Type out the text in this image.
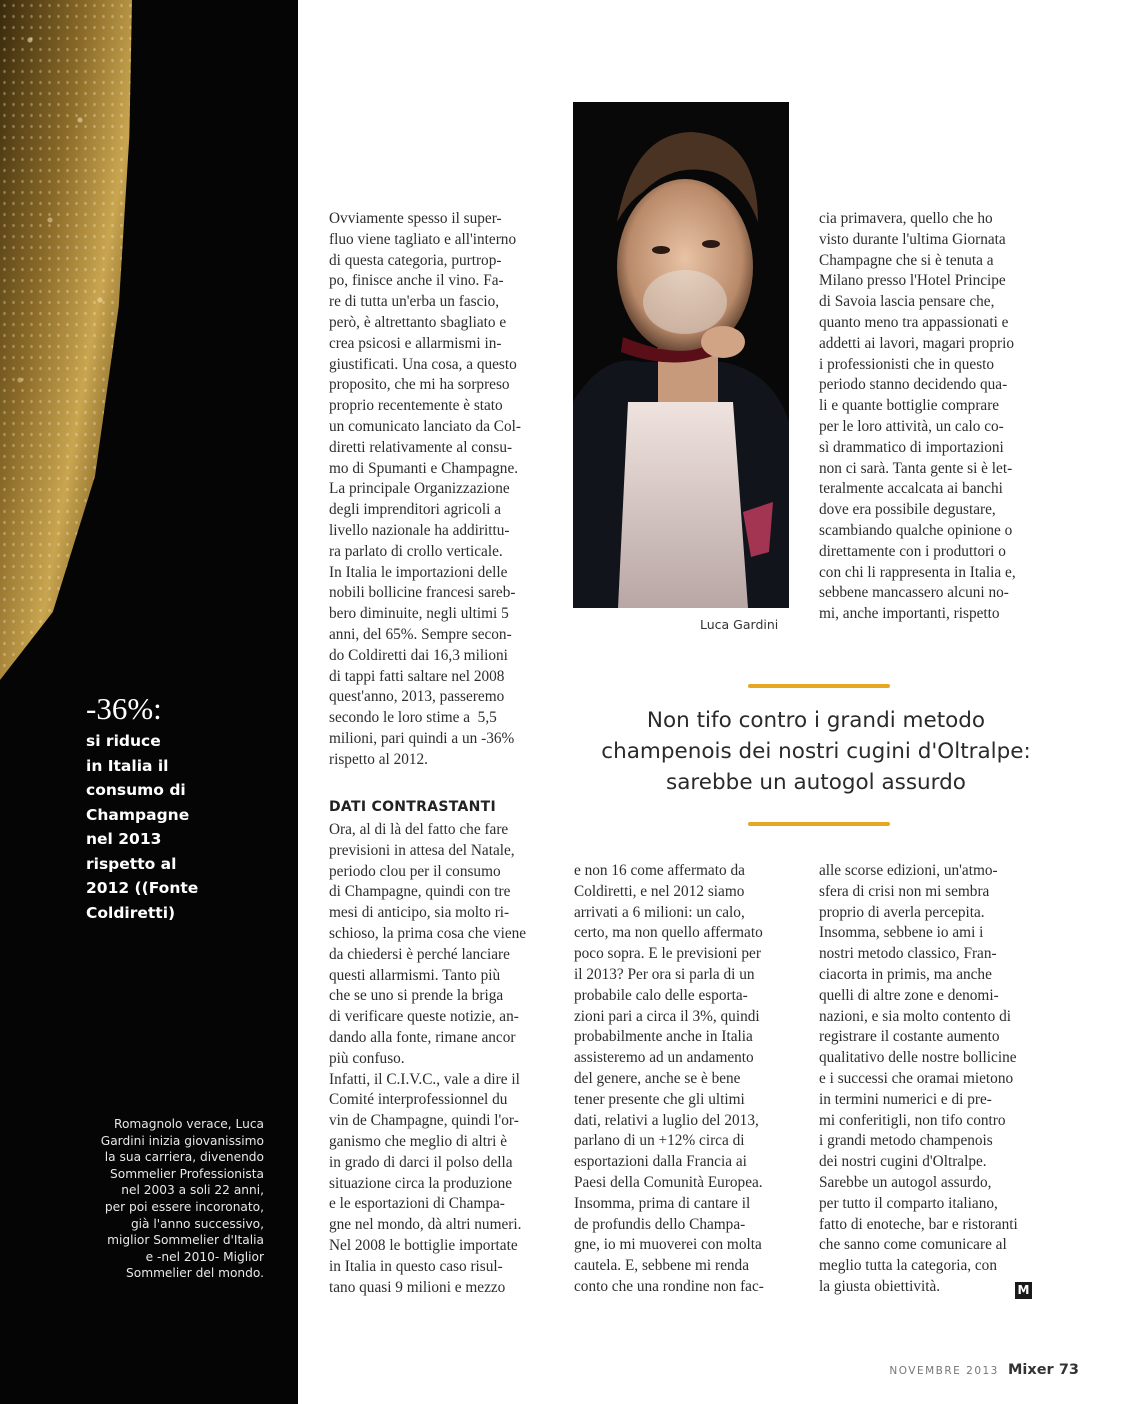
-36%:
si riduce
in Italia il
consumo di
Champagne
nel 2013
rispetto al
2012 ((Fonte
Coldiretti)
Romagnolo verace, Luca
Gardini inizia giovanissimo
la sua carriera, divenendo
Sommelier Professionista
nel 2003 a soli 22 anni,
per poi essere incoronato,
già l'anno successivo,
miglior Sommelier d'Italia
e -nel 2010- Miglior
Sommelier del mondo.
Ovviamente spesso il super-
fluo viene tagliato e all'interno
di questa categoria, purtrop-
po, finisce anche il vino. Fa-
re di tutta un'erba un fascio,
però, è altrettanto sbagliato e
crea psicosi e allarmismi in-
giustificati. Una cosa, a questo
proposito, che mi ha sorpreso
proprio recentemente è stato
un comunicato lanciato da Col-
diretti relativamente al consu-
mo di Spumanti e Champagne.
La principale Organizzazione
degli imprenditori agricoli a
livello nazionale ha addirittu-
ra parlato di crollo verticale.
In Italia le importazioni delle
nobili bollicine francesi sareb-
bero diminuite, negli ultimi 5
anni, del 65%. Sempre secon-
do Coldiretti dai 16,3 milioni
di tappi fatti saltare nel 2008
quest'anno, 2013, passeremo
secondo le loro stime a  5,5
milioni, pari quindi a un -36%
rispetto al 2012.
DATI CONTRASTANTI
Ora, al di là del fatto che fare
previsioni in attesa del Natale,
periodo clou per il consumo
di Champagne, quindi con tre
mesi di anticipo, sia molto ri-
schioso, la prima cosa che viene
da chiedersi è perché lanciare
questi allarmismi. Tanto più
che se uno si prende la briga
di verificare queste notizie, an-
dando alla fonte, rimane ancor
più confuso.
Infatti, il C.I.V.C., vale a dire il
Comité interprofessionnel du
vin de Champagne, quindi l'or-
ganismo che meglio di altri è
in grado di darci il polso della
situazione circa la produzione
e le esportazioni di Champa-
gne nel mondo, dà altri numeri.
Nel 2008 le bottiglie importate
in Italia in questo caso risul-
tano quasi 9 milioni e mezzo
Luca Gardini
cia primavera, quello che ho
visto durante l'ultima Giornata
Champagne che si è tenuta a
Milano presso l'Hotel Principe
di Savoia lascia pensare che,
quanto meno tra appassionati e
addetti ai lavori, magari proprio
i professionisti che in questo
periodo stanno decidendo qua-
li e quante bottiglie comprare
per le loro attività, un calo co-
sì drammatico di importazioni
non ci sarà. Tanta gente si è let-
teralmente accalcata ai banchi
dove era possibile degustare,
scambiando qualche opinione o
direttamente con i produttori o
con chi li rappresenta in Italia e,
sebbene mancassero alcuni no-
mi, anche importanti, rispetto
Non tifo contro i grandi metodo
champenois dei nostri cugini d'Oltralpe:
sarebbe un autogol assurdo
e non 16 come affermato da
Coldiretti, e nel 2012 siamo
arrivati a 6 milioni: un calo,
certo, ma non quello affermato
poco sopra. E le previsioni per
il 2013? Per ora si parla di un
probabile calo delle esporta-
zioni pari a circa il 3%, quindi
probabilmente anche in Italia
assisteremo ad un andamento
del genere, anche se è bene
tener presente che gli ultimi
dati, relativi a luglio del 2013,
parlano di un +12% circa di
esportazioni dalla Francia ai
Paesi della Comunità Europea.
Insomma, prima di cantare il
de profundis dello Champa-
gne, io mi muoverei con molta
cautela. E, sebbene mi renda
conto che una rondine non fac-
alle scorse edizioni, un'atmo-
sfera di crisi non mi sembra
proprio di averla percepita.
Insomma, sebbene io ami i
nostri metodo classico, Fran-
ciacorta in primis, ma anche
quelli di altre zone e denomi-
nazioni, e sia molto contento di
registrare il costante aumento
qualitativo delle nostre bollicine
e i successi che oramai mietono
in termini numerici e di pre-
mi conferitigli, non tifo contro
i grandi metodo champenois
dei nostri cugini d'Oltralpe.
Sarebbe un autogol assurdo,
per tutto il comparto italiano,
fatto di enoteche, bar e ristoranti
che sanno come comunicare al
meglio tutta la categoria, con
la giusta obiettività.	M
NOVEMBRE 2013 Mixer 73
